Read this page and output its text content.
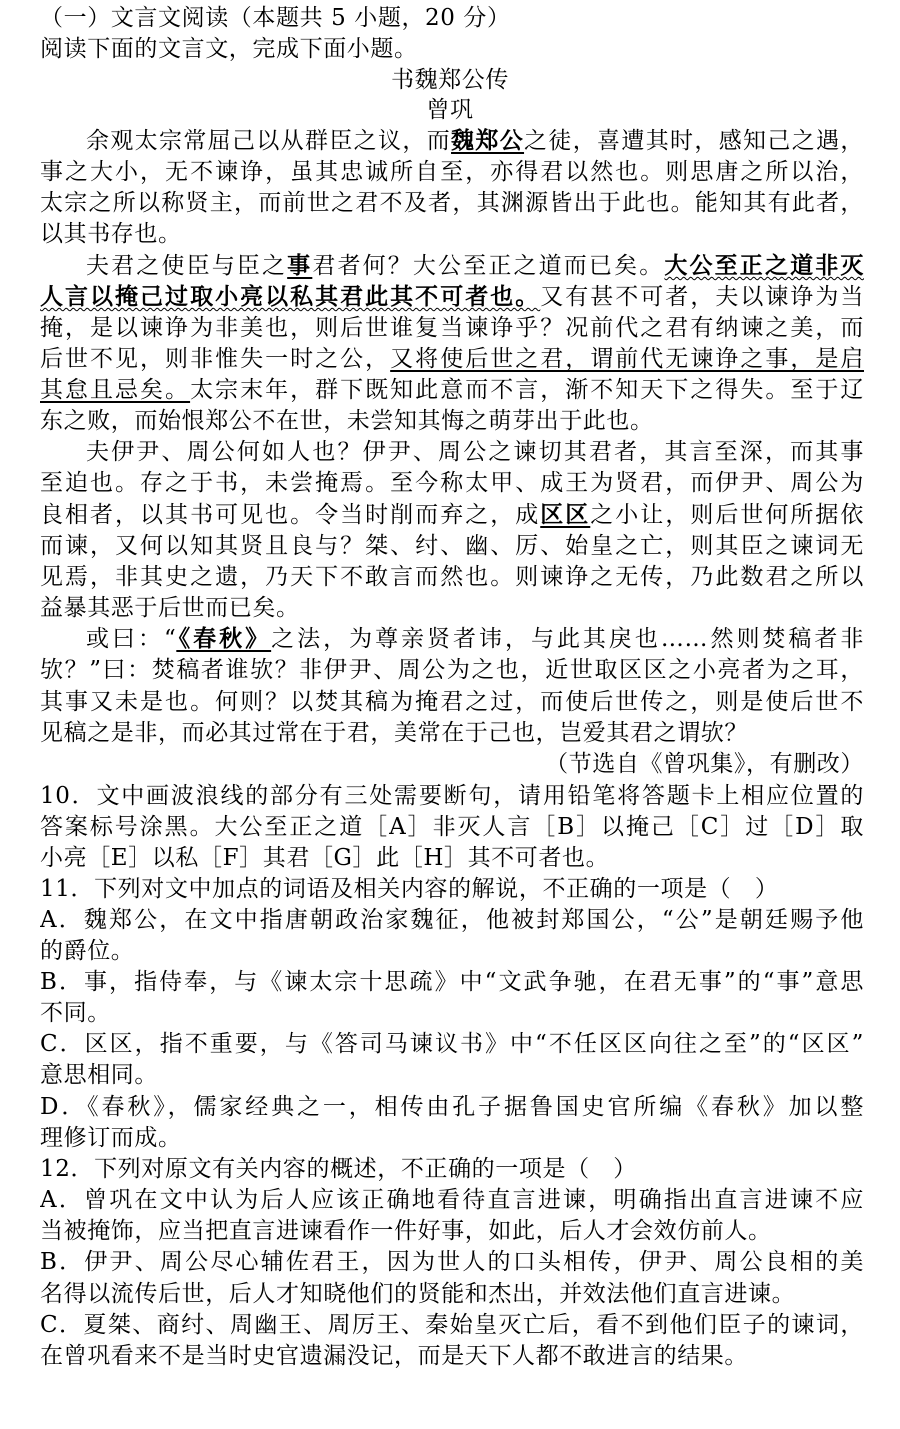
（一）文言文阅读（本题共 5 小题，20 分）
阅读下面的文言文，完成下面小题。
书魏郑公传
曾巩
余观太宗常屈己以从群臣之议，而魏郑公之徒，喜遭其时，感知己之遇，
事之大小，无不谏诤，虽其忠诚所自至，亦得君以然也。则思唐之所以治，
太宗之所以称贤主，而前世之君不及者，其渊源皆出于此也。能知其有此者，
以其书存也。
夫君之使臣与臣之事君者何？大公至正之道而已矣。大公至正之道非灭
人言以掩己过取小亮以私其君此其不可者也。又有甚不可者，夫以谏诤为当
掩，是以谏诤为非美也，则后世谁复当谏诤乎？况前代之君有纳谏之美，而
后世不见，则非惟失一时之公，又将使后世之君，谓前代无谏诤之事，是启
其怠且忌矣。太宗末年，群下既知此意而不言，渐不知天下之得失。至于辽
东之败，而始恨郑公不在世，未尝知其悔之萌芽出于此也。
夫伊尹、周公何如人也？伊尹、周公之谏切其君者，其言至深，而其事
至迫也。存之于书，未尝掩焉。至今称太甲、成王为贤君，而伊尹、周公为
良相者，以其书可见也。令当时削而弃之，成区区之小让，则后世何所据依
而谏，又何以知其贤且良与？桀、纣、幽、厉、始皇之亡，则其臣之谏词无
见焉，非其史之遗，乃天下不敢言而然也。则谏诤之无传，乃此数君之所以
益暴其恶于后世而已矣。
或曰：“《春秋》之法，为尊亲贤者讳，与此其戾也……然则焚稿者非
欤？”曰：焚稿者谁欤？非伊尹、周公为之也，近世取区区之小亮者为之耳，
其事又未是也。何则？以焚其稿为掩君之过，而使后世传之，则是使后世不
见稿之是非，而必其过常在于君，美常在于己也，岂爱其君之谓欤？
（节选自《曾巩集》，有删改）
10．文中画波浪线的部分有三处需要断句，请用铅笔将答题卡上相应位置的
答案标号涂黑。大公至正之道［A］非灭人言［B］以掩己［C］过［D］取
小亮［E］以私［F］其君［G］此［H］其不可者也。
11．下列对文中加点的词语及相关内容的解说，不正确的一项是（　）
A．魏郑公，在文中指唐朝政治家魏征，他被封郑国公，“公”是朝廷赐予他
的爵位。
B．事，指侍奉，与《谏太宗十思疏》中“文武争驰，在君无事”的“事”意思
不同。
C．区区，指不重要，与《答司马谏议书》中“不任区区向往之至”的“区区”
意思相同。
D．《春秋》，儒家经典之一，相传由孔子据鲁国史官所编《春秋》加以整
理修订而成。
12．下列对原文有关内容的概述，不正确的一项是（　）
A．曾巩在文中认为后人应该正确地看待直言进谏，明确指出直言进谏不应
当被掩饰，应当把直言进谏看作一件好事，如此，后人才会效仿前人。
B．伊尹、周公尽心辅佐君王，因为世人的口头相传，伊尹、周公良相的美
名得以流传后世，后人才知晓他们的贤能和杰出，并效法他们直言进谏。
C．夏桀、商纣、周幽王、周厉王、秦始皇灭亡后，看不到他们臣子的谏词，
在曾巩看来不是当时史官遗漏没记，而是天下人都不敢进言的结果。
